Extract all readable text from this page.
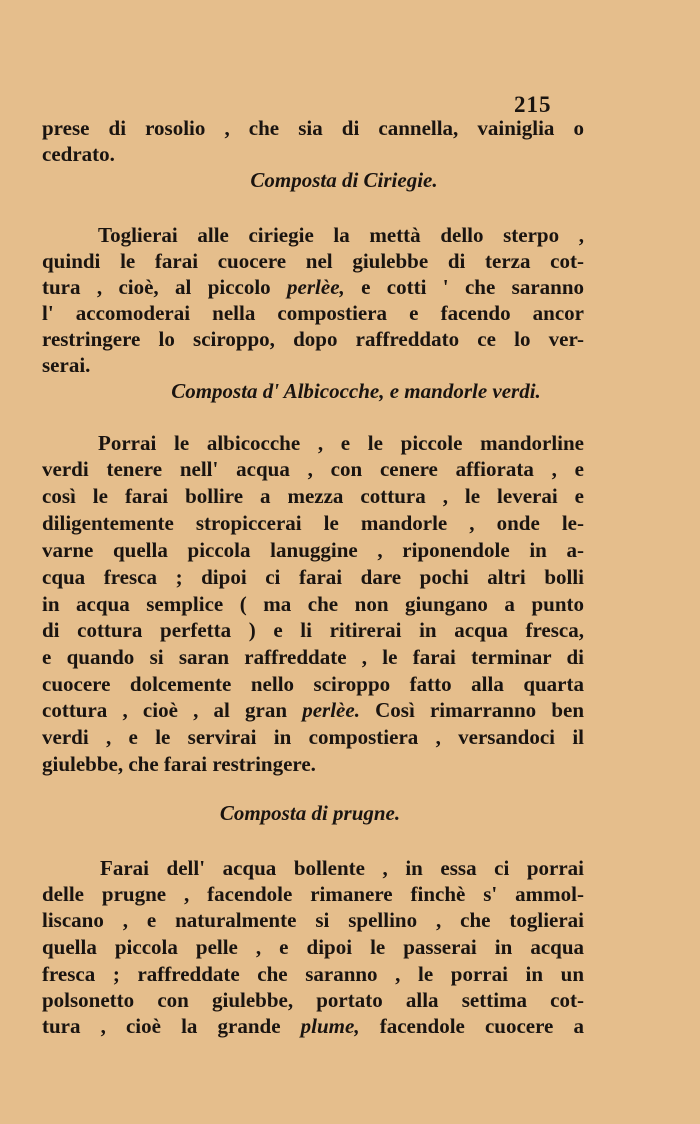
215
prese di rosolio , che sia di cannella, vainiglia o
cedrato.
Composta di Ciriegie.
Toglierai alle ciriegie la mettà dello sterpo ,
quindi le farai cuocere nel giulebbe di terza cot-
tura , cioè, al piccolo perlèe, e cotti ' che saranno
l' accomoderai nella compostiera e facendo ancor
restringere lo sciroppo, dopo raffreddato ce lo ver-
serai.
Composta d' Albicocche, e mandorle verdi.
Porrai le albicocche , e le piccole mandorline
verdi tenere nell' acqua , con cenere affiorata , e
così le farai bollire a mezza cottura , le leverai e
diligentemente stropiccerai le mandorle , onde le-
varne quella piccola lanuggine , riponendole in a-
cqua fresca ; dipoi ci farai dare pochi altri bolli
in acqua semplice ( ma che non giungano a punto
di cottura perfetta ) e li ritirerai in acqua fresca,
e quando si saran raffreddate , le farai terminar di
cuocere dolcemente nello sciroppo fatto alla quarta
cottura , cioè , al gran perlèe. Così rimarranno ben
verdi , e le servirai in compostiera , versandoci il
giulebbe, che farai restringere.
Composta di prugne.
Farai dell' acqua bollente , in essa ci porrai
delle prugne , facendole rimanere finchè s' ammol-
liscano , e naturalmente si spellino , che toglierai
quella piccola pelle , e dipoi le passerai in acqua
fresca ; raffreddate che saranno , le porrai in un
polsonetto con giulebbe, portato alla settima cot-
tura , cioè la grande plume, facendole cuocere a
